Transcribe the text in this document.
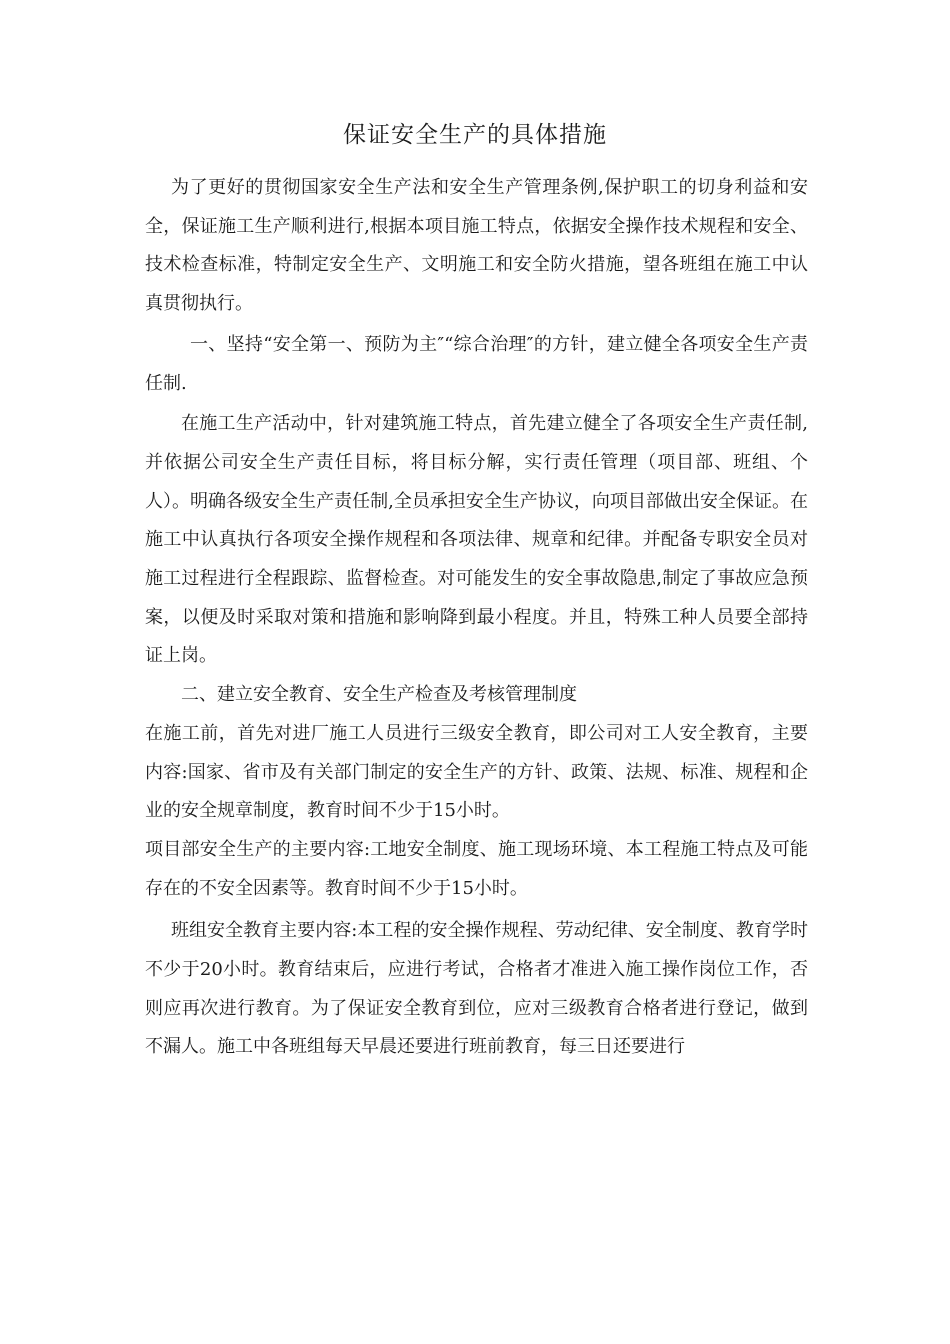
保证安全生产的具体措施

为了更好的贯彻国家安全生产法和安全生产管理条例,保护职工的切身利益和安全，保证施工生产顺利进行,根据本项目施工特点，依据安全操作技术规程和安全、技术检查标准，特制定安全生产、文明施工和安全防火措施，望各班组在施工中认真贯彻执行。

一、坚持“安全第一、预防为主″“综合治理″的方针，建立健全各项安全生产责任制.

在施工生产活动中，针对建筑施工特点，首先建立健全了各项安全生产责任制,并依据公司安全生产责任目标，将目标分解，实行责任管理（项目部、班组、个人）。明确各级安全生产责任制,全员承担安全生产协议，向项目部做出安全保证。在施工中认真执行各项安全操作规程和各项法律、规章和纪律。并配备专职安全员对施工过程进行全程跟踪、监督检查。对可能发生的安全事故隐患,制定了事故应急预案，以便及时采取对策和措施和影响降到最小程度。并且，特殊工种人员要全部持证上岗。

二、建立安全教育、安全生产检查及考核管理制度

在施工前，首先对进厂施工人员进行三级安全教育，即公司对工人安全教育，主要内容:国家、省市及有关部门制定的安全生产的方针、政策、法规、标准、规程和企业的安全规章制度，教育时间不少于15小时。

项目部安全生产的主要内容:工地安全制度、施工现场环境、本工程施工特点及可能存在的不安全因素等。教育时间不少于15小时。

班组安全教育主要内容:本工程的安全操作规程、劳动纪律、安全制度、教育学时不少于20小时。教育结束后，应进行考试，合格者才准进入施工操作岗位工作，否则应再次进行教育。为了保证安全教育到位，应对三级教育合格者进行登记，做到不漏人。施工中各班组每天早晨还要进行班前教育，每三日还要进行
